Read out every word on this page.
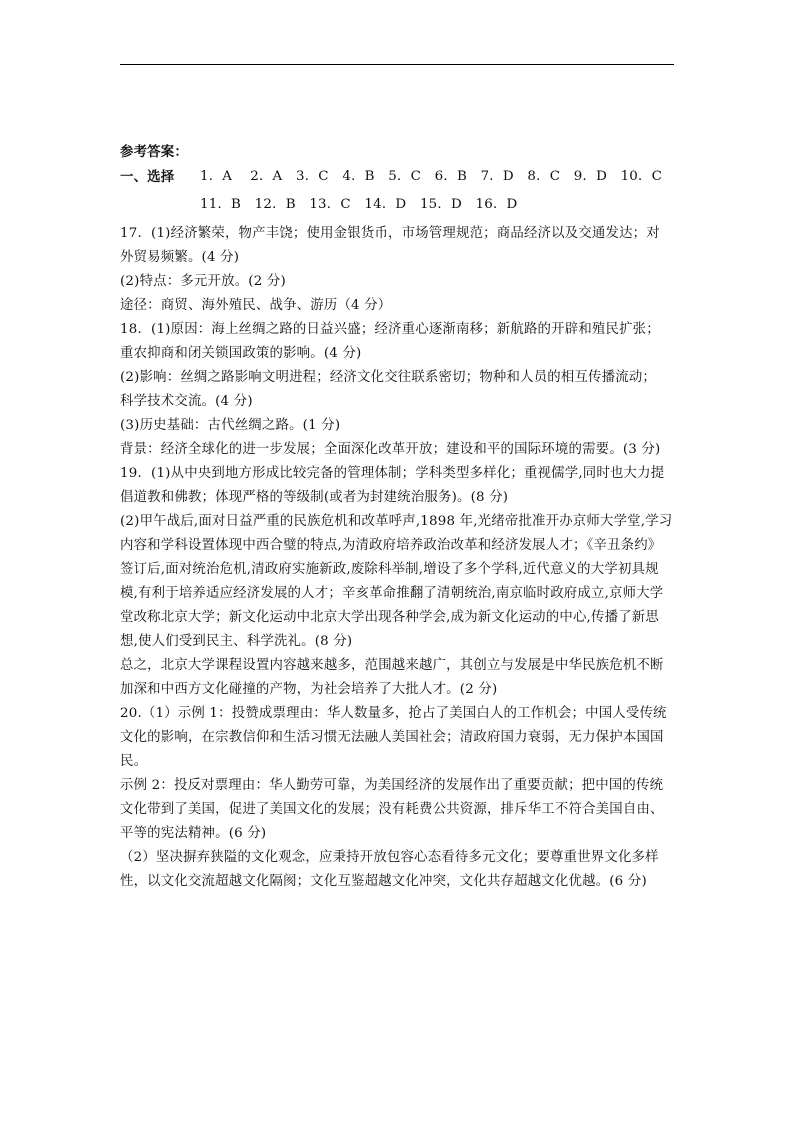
参考答案：
一、选择	1．A　 2．A　3．C　4．B　5．C　6．B　7．D　8．C　9．D　10．C
11．B　12．B　13．C　14．D　15．D　16．D
17．(1)经济繁荣，物产丰饶；使用金银货币，市场管理规范；商品经济以及交通发达；对
外贸易频繁。(4 分)
(2)特点：多元开放。(2 分)
途径：商贸、海外殖民、战争、游历（4 分）
18．(1)原因：海上丝绸之路的日益兴盛；经济重心逐渐南移；新航路的开辟和殖民扩张；
重农抑商和闭关锁国政策的影响。(4 分)
(2)影响：丝绸之路影响文明进程；经济文化交往联系密切；物种和人员的相互传播流动；
科学技术交流。(4 分)
(3)历史基础：古代丝绸之路。(1 分)
背景：经济全球化的进一步发展；全面深化改革开放；建设和平的国际环境的需要。(3 分)
19．(1)从中央到地方形成比较完备的管理体制；学科类型多样化；重视儒学,同时也大力提
倡道教和佛教；体现严格的等级制(或者为封建统治服务)。(8 分)
(2)甲午战后,面对日益严重的民族危机和改革呼声,1898 年,光绪帝批准开办京师大学堂,学习
内容和学科设置体现中西合璧的特点,为清政府培养政治改革和经济发展人才；《辛丑条约》
签订后,面对统治危机,清政府实施新政,废除科举制,增设了多个学科,近代意义的大学初具规
模,有利于培养适应经济发展的人才；辛亥革命推翻了清朝统治,南京临时政府成立,京师大学
堂改称北京大学；新文化运动中北京大学出现各种学会,成为新文化运动的中心,传播了新思
想,使人们受到民主、科学洗礼。(8 分)
总之，北京大学课程设置内容越来越多，范围越来越广，其创立与发展是中华民族危机不断
加深和中西方文化碰撞的产物，为社会培养了大批人才。(2 分)
20.（1）示例 1：投赞成票理由：华人数量多，抢占了美国白人的工作机会；中国人受传统
文化的影响，在宗教信仰和生活习惯无法融人美国社会；清政府国力衰弱，无力保护本国国
民。
示例 2：投反对票理由：华人勤劳可靠，为美国经济的发展作出了重要贡献；把中国的传统
文化带到了美国，促进了美国文化的发展；没有耗费公共资源，排斥华工不符合美国自由、
平等的宪法精神。(6 分)
（2）坚决摒弃狭隘的文化观念，应秉持开放包容心态看待多元文化；要尊重世界文化多样
性，以文化交流超越文化隔阂；文化互鉴超越文化冲突，文化共存超越文化优越。(6 分)
